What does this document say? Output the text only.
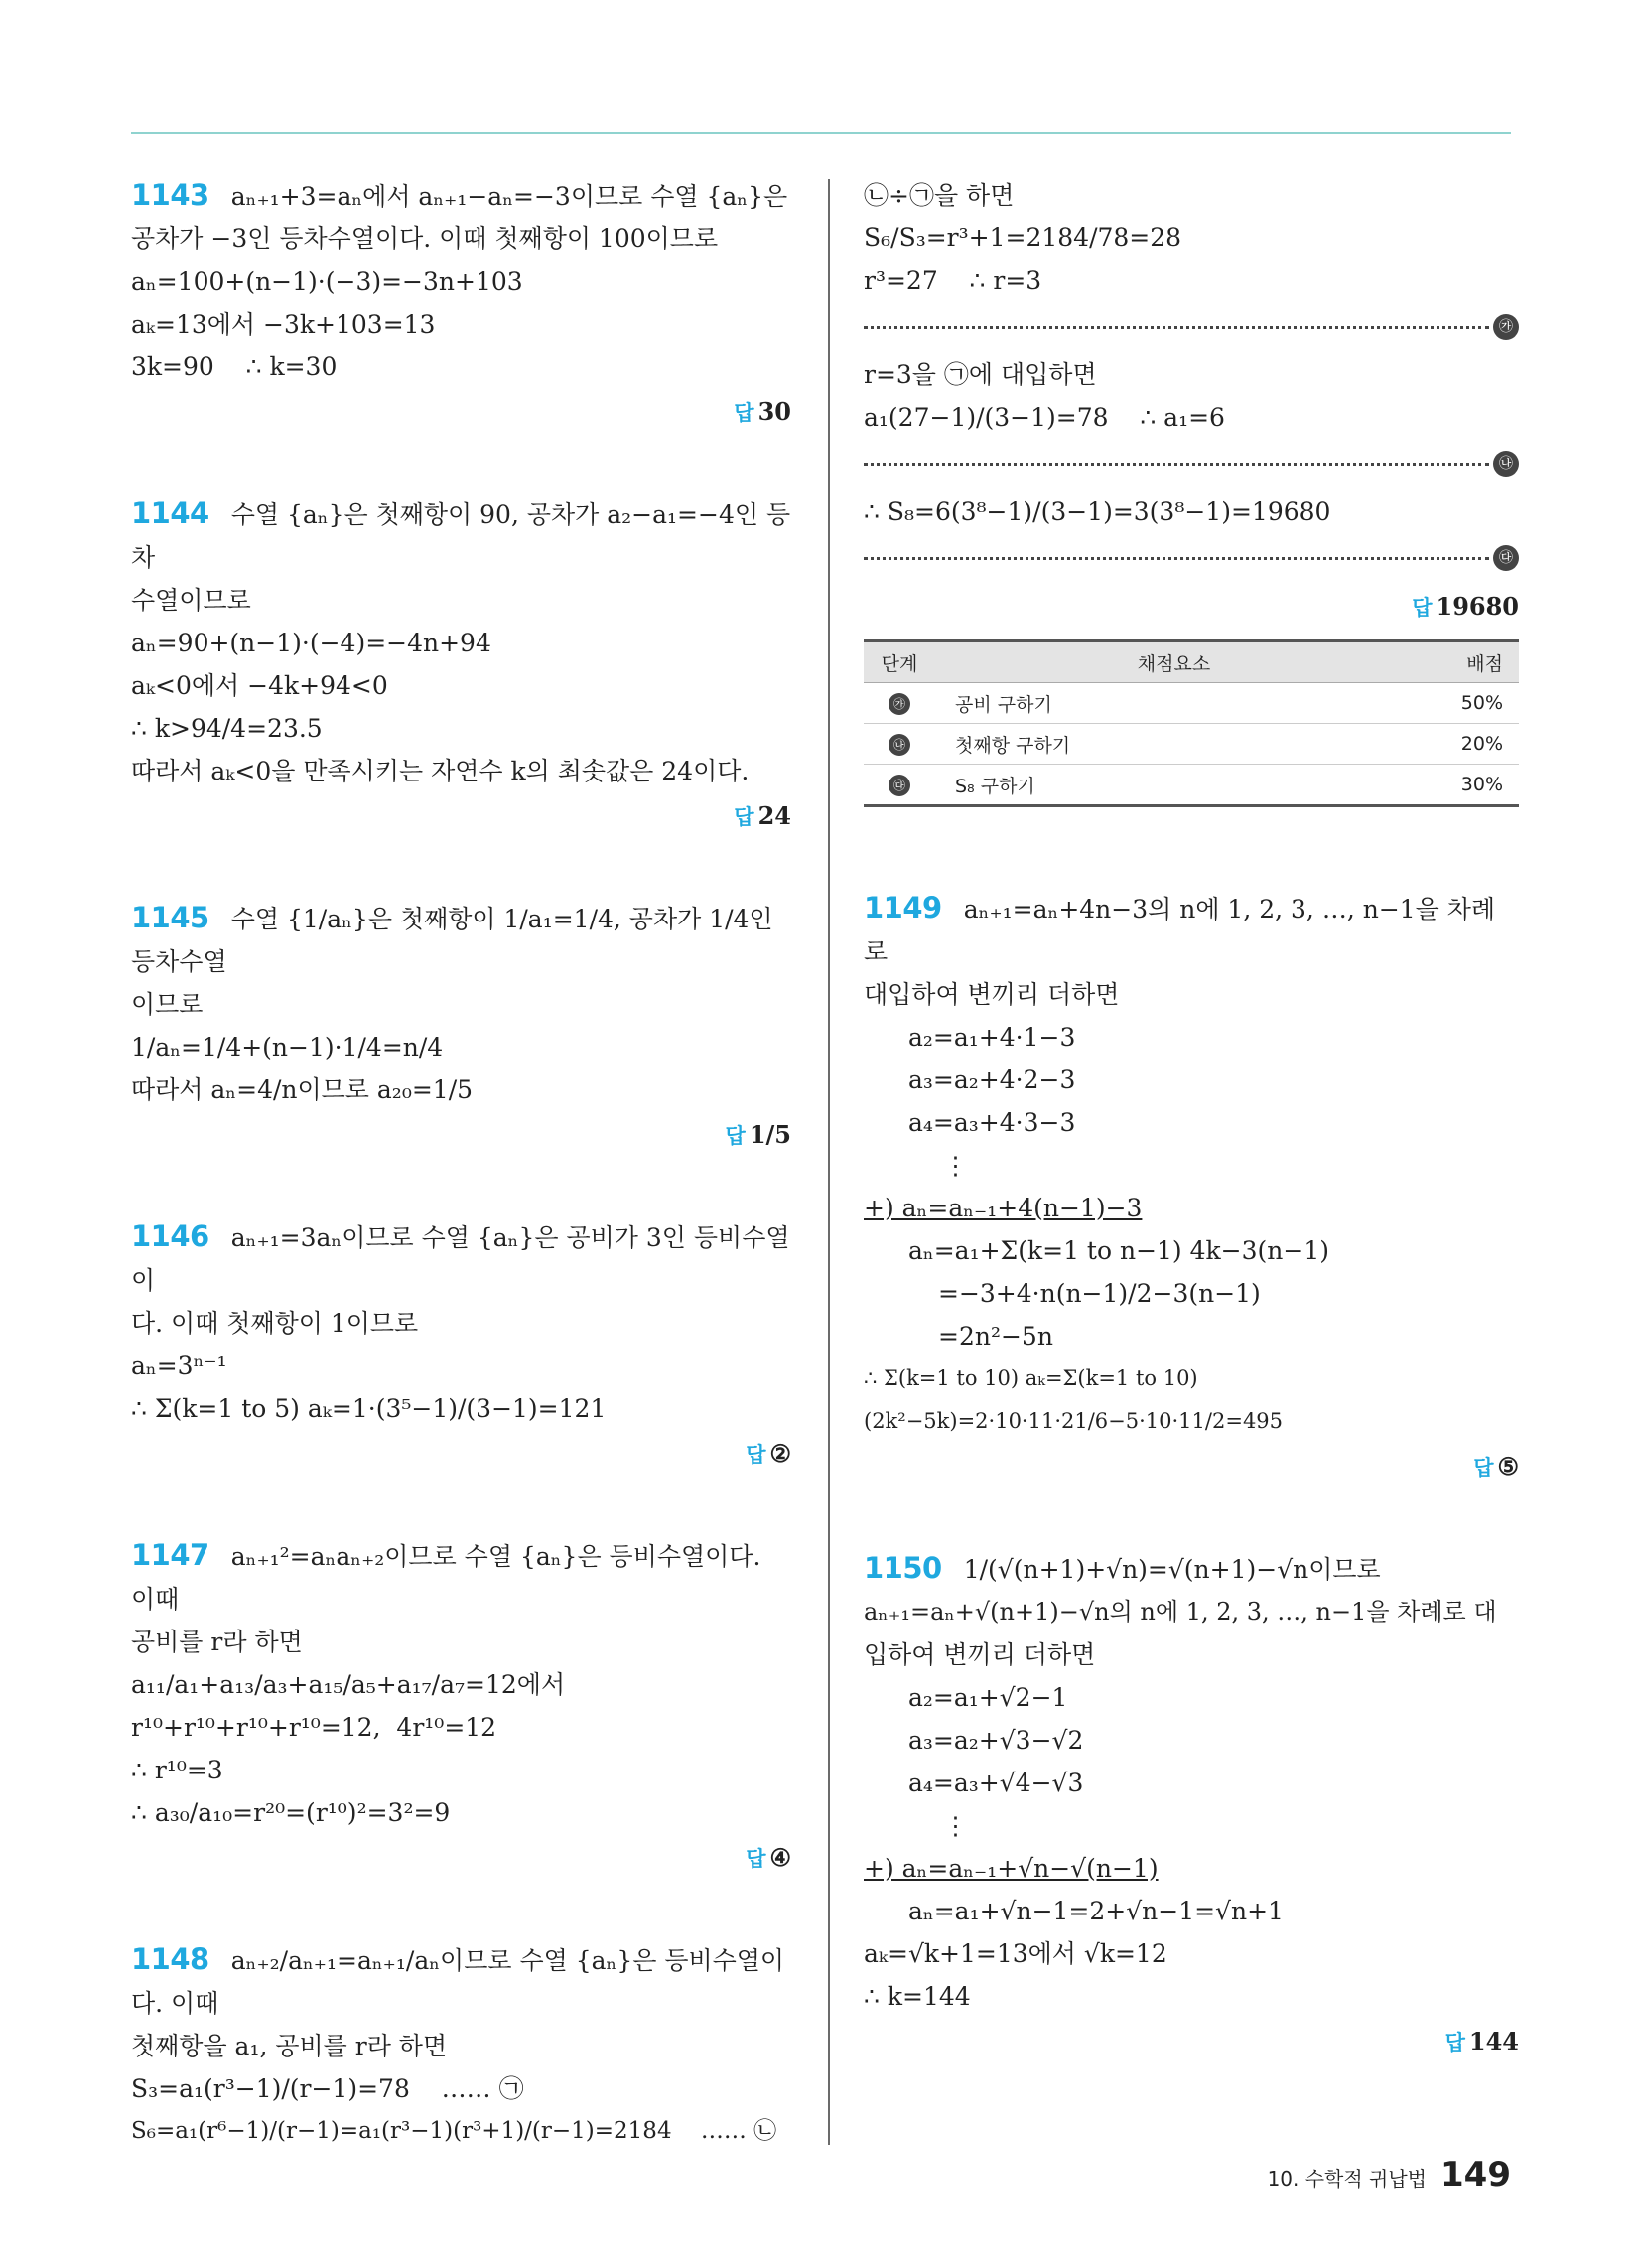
1143 aₙ₊₁+3=aₙ에서 aₙ₊₁−aₙ=−3이므로 수열 {aₙ}은
공차가 −3인 등차수열이다. 이때 첫째항이 100이므로
aₙ=100+(n−1)·(−3)=−3n+103
aₖ=13에서 −3k+103=13
3k=90    ∴ k=30
답 30
1144 수열 {aₙ}은 첫째항이 90, 공차가 a₂−a₁=−4인 등차
수열이므로
aₙ=90+(n−1)·(−4)=−4n+94
aₖ<0에서 −4k+94<0
∴ k>94/4=23.5
따라서 aₖ<0을 만족시키는 자연수 k의 최솟값은 24이다.
답 24
1145 수열 {1/aₙ}은 첫째항이 1/a₁=1/4, 공차가 1/4인 등차수열
이므로
1/aₙ=1/4+(n−1)·1/4=n/4
따라서 aₙ=4/n이므로 a₂₀=1/5
답 1/5
1146 aₙ₊₁=3aₙ이므로 수열 {aₙ}은 공비가 3인 등비수열이
다. 이때 첫째항이 1이므로
aₙ=3ⁿ⁻¹
∴ Σ(k=1 to 5) aₖ=1·(3⁵−1)/(3−1)=121
답 ②
1147 aₙ₊₁²=aₙaₙ₊₂이므로 수열 {aₙ}은 등비수열이다. 이때
공비를 r라 하면
a₁₁/a₁+a₁₃/a₃+a₁₅/a₅+a₁₇/a₇=12에서
r¹⁰+r¹⁰+r¹⁰+r¹⁰=12,  4r¹⁰=12
∴ r¹⁰=3
∴ a₃₀/a₁₀=r²⁰=(r¹⁰)²=3²=9
답 ④
1148 aₙ₊₂/aₙ₊₁=aₙ₊₁/aₙ이므로 수열 {aₙ}은 등비수열이다. 이때
첫째항을 a₁, 공비를 r라 하면
S₃=a₁(r³−1)/(r−1)=78    …… ㉠
S₆=a₁(r⁶−1)/(r−1)=a₁(r³−1)(r³+1)/(r−1)=2184    …… ㉡
㉡÷㉠을 하면
S₆/S₃=r³+1=2184/78=28
r³=27    ∴ r=3
㉮
r=3을 ㉠에 대입하면
a₁(27−1)/(3−1)=78    ∴ a₁=6
㉯
∴ S₈=6(3⁸−1)/(3−1)=3(3⁸−1)=19680
㉰
답 19680
단계	채점요소	배점
㉮	공비 구하기	50%
㉯	첫째항 구하기	20%
㉰	S₈ 구하기	30%
1149 aₙ₊₁=aₙ+4n−3의 n에 1, 2, 3, …, n−1을 차례로
대입하여 변끼리 더하면
a₂=a₁+4·1−3
a₃=a₂+4·2−3
a₄=a₃+4·3−3
⋮
+) aₙ=aₙ₋₁+4(n−1)−3
aₙ=a₁+Σ(k=1 to n−1) 4k−3(n−1)
=−3+4·n(n−1)/2−3(n−1)
=2n²−5n
∴ Σ(k=1 to 10) aₖ=Σ(k=1 to 10) (2k²−5k)=2·10·11·21/6−5·10·11/2=495
답 ⑤
1150 1/(√(n+1)+√n)=√(n+1)−√n이므로
aₙ₊₁=aₙ+√(n+1)−√n의 n에 1, 2, 3, …, n−1을 차례로 대
입하여 변끼리 더하면
a₂=a₁+√2−1
a₃=a₂+√3−√2
a₄=a₃+√4−√3
⋮
+) aₙ=aₙ₋₁+√n−√(n−1)
aₙ=a₁+√n−1=2+√n−1=√n+1
aₖ=√k+1=13에서 √k=12
∴ k=144
답 144
10. 수학적 귀납법 149
